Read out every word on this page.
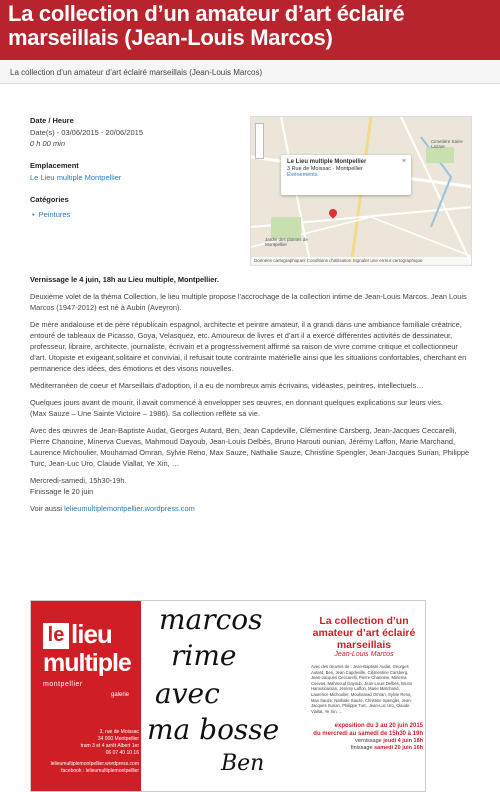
La collection d’un amateur d’art éclairé marseillais (Jean-Louis Marcos)
La collection d’un amateur d’art éclairé marseillais (Jean-Louis Marcos)
Date / Heure
Date(s) - 03/06/2015 - 20/06/2015
0 h 00 min
Emplacement
Le Lieu multiple Montpellier
Catégories
• Peintures
Cimetière Saint-Lazare
Jardin des plantes de Montpellier
×
Le Lieu multiple Montpellier
3 Rue de Moissac · Montpellier
Événements
Données cartographiques Conditions d'utilisation Signaler une erreur cartographique

Vernissage le 4 juin, 18h au Lieu multiple, Montpellier.

Deuxième volet de la théma Collection, le lieu multiple propose l’accrochage de la collection intime de Jean-Louis Marcos. Jean Louis Marcos (1947-2012) est né à Aubin (Aveyron).

De mère andalouse et de père républicain espagnol, architecte et peintre amateur, il a grandi dans une ambiance familiale créatrice, entouré de tableaux de Picasso, Goya, Velasquez, etc. Amoureux de livres et d’art il a exercé différentes activités de dessinateur, professeur, libraire, architecte, journaliste, écrivain et a progressivement affirmé sa raison de vivre comme critique et collectionneur d’art. Utopiste et exigeant,solitaire et conviviai, il refusait toute contrainte matérielle ainsi que les situations confortables, cherchant en permanence des idées, des émotions et des visons nouvelles.

Méditerranéen de coeur et Marseillais d’adoption, il a eu de nombreux amis écrivains, vidéastes, peintres, intellectuels…

Quelques jours avant de mourir, il avait commencé à envelopper ses œuvres, en donnant quelques explications sur leurs vies.
(Max Sauze – Une Sainte Victoire – 1986). Sa collection reflète sa vie.

Avec des œuvres de Jean-Baptiste Audat, Georges Autard, Ben, Jean Capdeville, Clémentine Carsberg, Jean-Jacques Ceccarelli, Pierre Chanoine, Minerva Cuevas, Mahmoud Dayoub, Jean-Louis Delbès, Bruno Harouti ounian, Jérémy Laffon, Marie Marchand, Laurence Michoulier, Mouhamad Omran, Sylvie Reno, Max Sauze, Nathalie Sauze, Christine Spengler, Jean-Jacques Surian, Philippe Turc, Jean-Luc Uro, Claude Viallat, Ye Xin, …

Mercredi-samedi, 15h30-19h.
Finissage le 20 juin

Voir aussi lelieumultiplemontpellier.wordpress.com

le lieu
multiple
montpellier
galerie
3, rue de Moissac
34 000 Montpellier
tram 3 et 4 arrêt Albert 1er
06 07 40 10 16
lelieumultiplemontpellier.wordpress.com
facebook : lelieumultiplemontpellier
marcos
rime
avec
ma bosse
Ben
La collection d’un amateur d’art éclairé marseillais
Jean-Louis Marcos
Avec des œuvres de : Jean-Baptiste Audat, Georges Autard, Ben, Jean Capdeville, Clémentine Carsberg, Jean-Jacques Ceccarelli, Pierre Chanoine, Minerva Cuevas, Mahmoud Dayoub, Jean-Louis Delbès, Bruno Haroutiounian, Jérémy Laffon, Marie Marchand, Laurence Michoulier, Mouhamad Omran, Sylvie Reno, Max Sauze, Nathalie Sauze, Christine Spengler, Jean-Jacques Surian, Philippe Turc, Jean-Luc Uro, Claude Viallat, Ye Xin, ...
exposition du 3 au 20 juin 2015
du mercredi au samedi de 15h30 à 19h
vernissage jeudi 4 juin 18h
finissage samedi 20 juin 16h
